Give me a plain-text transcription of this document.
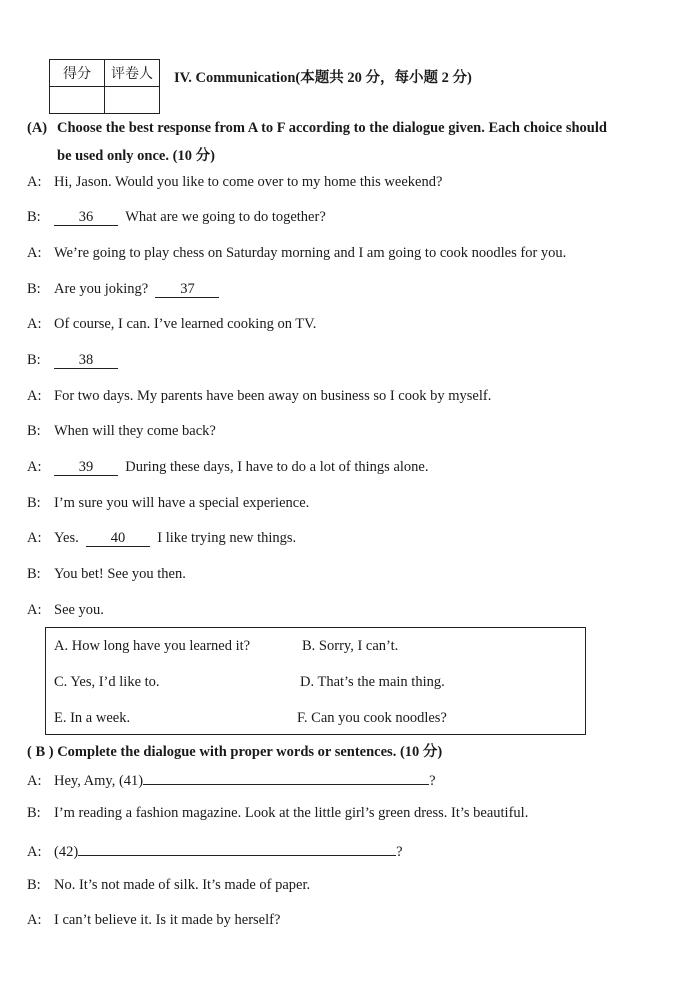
得分	评卷人
	IV. Communication(本题共 20 分，每小题 2 分)
(A) Choose the best response from A to F according to the dialogue given. Each choice should
be used only once. (10 分)
A: Hi, Jason. Would you like to come over to my home this weekend?
B:	36 What are we going to do together?
A: We’re going to play chess on Saturday morning and I am going to cook noodles for you.
B: Are you joking? 37
A: Of course, I can. I’ve learned cooking on TV.
B:	38
A: For two days. My parents have been away on business so I cook by myself.
B: When will they come back?
A:	39 During these days, I have to do a lot of things alone.
B: I’m sure you will have a special experience.
A: Yes. 40 I like trying new things.
B: You bet! See you then.
A: See you.
A. How long have you learned it?	B. Sorry, I can’t.
C. Yes, I’d like to.	D. That’s the main thing.
E. In a week.	F. Can you cook noodles?
( B ) Complete the dialogue with proper words or sentences. (10 分)
A: Hey, Amy, (41)	?
B: I’m reading a fashion magazine. Look at the little girl’s green dress. It’s beautiful.
A: (42)	?
B: No. It’s not made of silk. It’s made of paper.
A: I can’t believe it. Is it made by herself?
